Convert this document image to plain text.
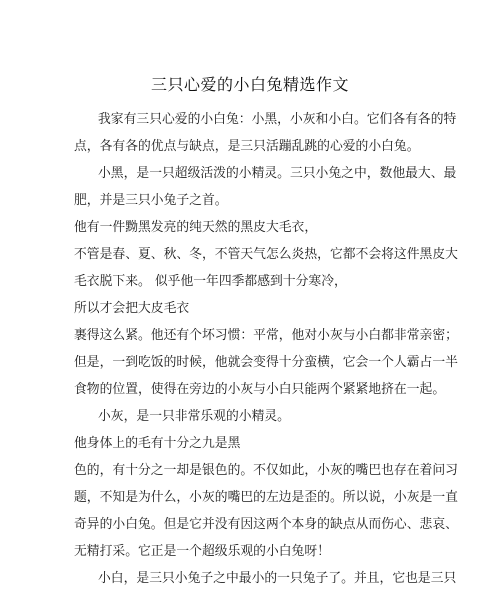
三只心爱的小白兔精选作文
我家有三只心爱的小白兔：小黑，小灰和小白。它们各有各的特
点，各有各的优点与缺点，是三只活蹦乱跳的心爱的小白兔。
小黑，是一只超级活泼的小精灵。三只小兔之中，数他最大、最
肥，并是三只小兔子之首。
他有一件黝黑发亮的纯天然的黑皮大毛衣，
不管是春、夏、秋、冬，不管天气怎么炎热，它都不会将这件黑皮大
毛衣脱下来。 似乎他一年四季都感到十分寒冷，
所以才会把大皮毛衣
裹得这么紧。他还有个坏习惯：平常，他对小灰与小白都非常亲密；
但是，一到吃饭的时候，他就会变得十分蛮横，它会一个人霸占一半
食物的位置，使得在旁边的小灰与小白只能两个紧紧地挤在一起。
小灰，是一只非常乐观的小精灵。
他身体上的毛有十分之九是黑
色的，有十分之一却是银色的。不仅如此，小灰的嘴巴也存在着问习
题，不知是为什么，小灰的嘴巴的左边是歪的。所以说，小灰是一直
奇异的小白兔。但是它并没有因这两个本身的缺点从而伤心、悲哀、
无精打采。它正是一个超级乐观的小白兔呀！
小白，是三只小兔子之中最小的一只兔子了。并且，它也是三只
